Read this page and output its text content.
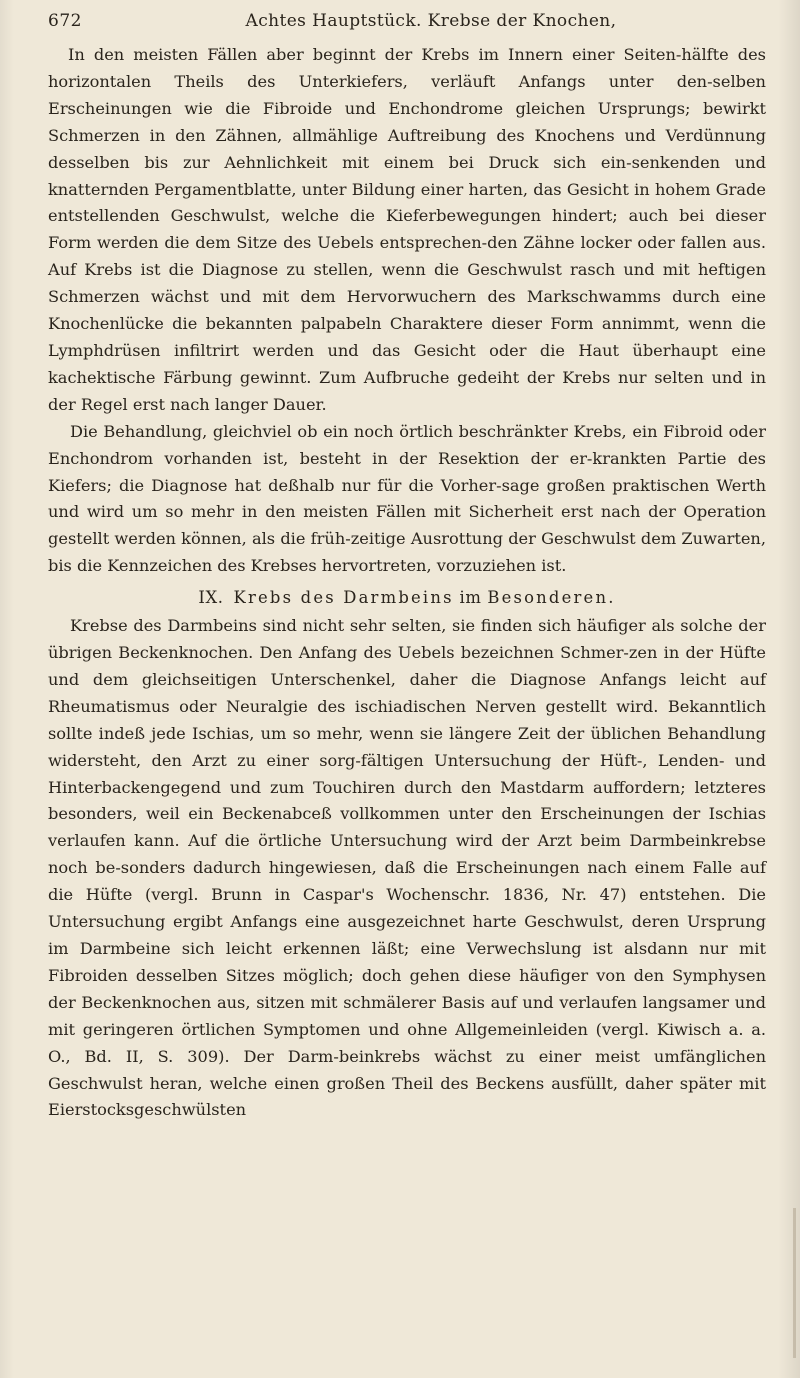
672	Achtes Hauptstück. Krebse der Knochen,

In den meisten Fällen aber beginnt der Krebs im Innern einer Seiten-hälfte des horizontalen Theils des Unterkiefers, verläuft Anfangs unter den-selben Erscheinungen wie die Fibroide und Enchondrome gleichen Ursprungs; bewirkt Schmerzen in den Zähnen, allmählige Auftreibung des Knochens und Verdünnung desselben bis zur Aehnlichkeit mit einem bei Druck sich ein-senkenden und knatternden Pergamentblatte, unter Bildung einer harten, das Gesicht in hohem Grade entstellenden Geschwulst, welche die Kieferbewegungen hindert; auch bei dieser Form werden die dem Sitze des Uebels entsprechen-den Zähne locker oder fallen aus. Auf Krebs ist die Diagnose zu stellen, wenn die Geschwulst rasch und mit heftigen Schmerzen wächst und mit dem Hervorwuchern des Markschwamms durch eine Knochenlücke die bekannten palpabeln Charaktere dieser Form annimmt, wenn die Lymphdrüsen infiltrirt werden und das Gesicht oder die Haut überhaupt eine kachektische Färbung gewinnt. Zum Aufbruche gedeiht der Krebs nur selten und in der Regel erst nach langer Dauer.

Die Behandlung, gleichviel ob ein noch örtlich beschränkter Krebs, ein Fibroid oder Enchondrom vorhanden ist, besteht in der Resektion der er-krankten Partie des Kiefers; die Diagnose hat deßhalb nur für die Vorher-sage großen praktischen Werth und wird um so mehr in den meisten Fällen mit Sicherheit erst nach der Operation gestellt werden können, als die früh-zeitige Ausrottung der Geschwulst dem Zuwarten, bis die Kennzeichen des Krebses hervortreten, vorzuziehen ist.

IX. Krebs des Darmbeins im Besonderen.

Krebse des Darmbeins sind nicht sehr selten, sie finden sich häufiger als solche der übrigen Beckenknochen. Den Anfang des Uebels bezeichnen Schmer-zen in der Hüfte und dem gleichseitigen Unterschenkel, daher die Diagnose Anfangs leicht auf Rheumatismus oder Neuralgie des ischiadischen Nerven gestellt wird. Bekanntlich sollte indeß jede Ischias, um so mehr, wenn sie längere Zeit der üblichen Behandlung widersteht, den Arzt zu einer sorg-fältigen Untersuchung der Hüft-, Lenden- und Hinterbackengegend und zum Touchiren durch den Mastdarm auffordern; letzteres besonders, weil ein Beckenabceß vollkommen unter den Erscheinungen der Ischias verlaufen kann. Auf die örtliche Untersuchung wird der Arzt beim Darmbeinkrebse noch be-sonders dadurch hingewiesen, daß die Erscheinungen nach einem Falle auf die Hüfte (vergl. Brunn in Caspar's Wochenschr. 1836, Nr. 47) entstehen. Die Untersuchung ergibt Anfangs eine ausgezeichnet harte Geschwulst, deren Ursprung im Darmbeine sich leicht erkennen läßt; eine Verwechslung ist alsdann nur mit Fibroiden desselben Sitzes möglich; doch gehen diese häufiger von den Symphysen der Beckenknochen aus, sitzen mit schmälerer Basis auf und verlaufen langsamer und mit geringeren örtlichen Symptomen und ohne Allgemeinleiden (vergl. Kiwisch a. a. O., Bd. II, S. 309). Der Darm-beinkrebs wächst zu einer meist umfänglichen Geschwulst heran, welche einen großen Theil des Beckens ausfüllt, daher später mit Eierstocksgeschwülsten
